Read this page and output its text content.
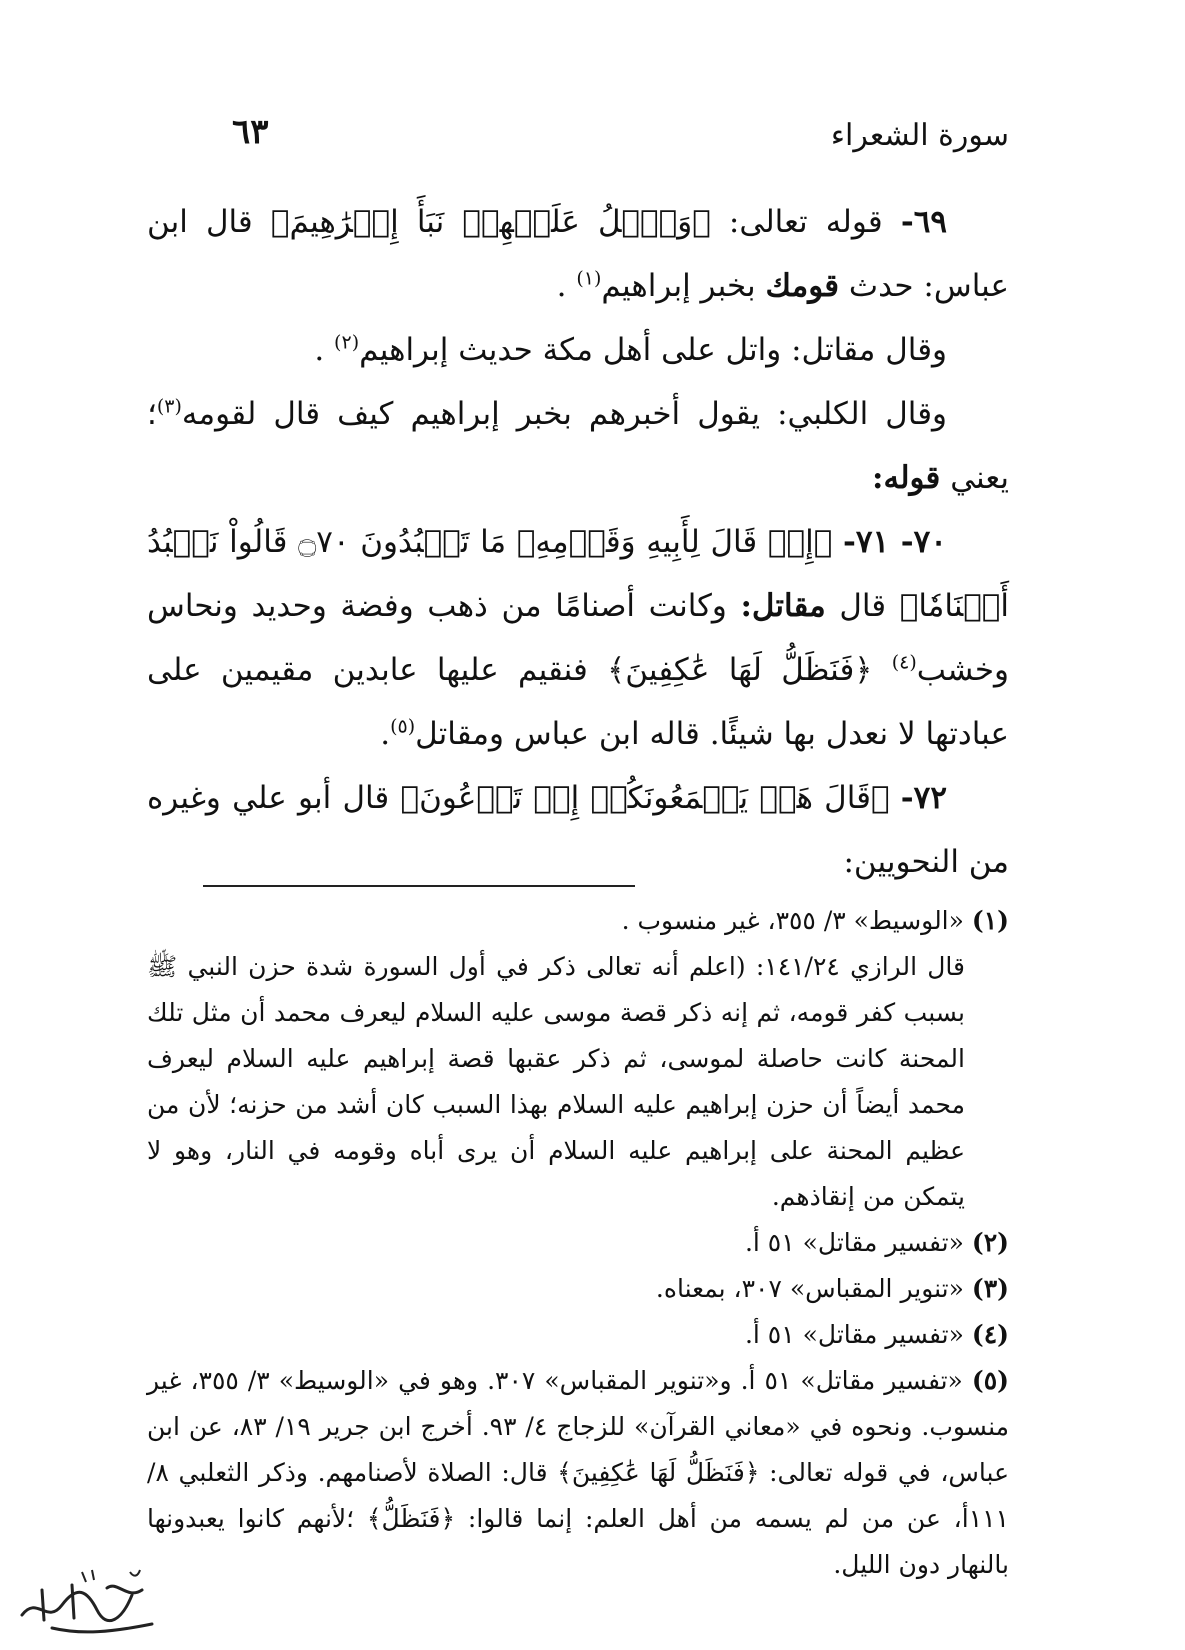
سورة الشعراء
٦٣

٦٩- قوله تعالى: ﴿وَٱتۡلُ عَلَيۡهِمۡ نَبَأَ إِبۡرَٰهِيمَ﴾ قال ابن عباس: حدث قومك بخبر إبراهيم$^{(١)}$ .

وقال مقاتل: واتل على أهل مكة حديث إبراهيم$^{(٢)}$ .

وقال الكلبي: يقول أخبرهم بخبر إبراهيم كيف قال لقومه$^{(٣)}$؛ يعني قوله:

٧٠- ٧١- ﴿إِذۡ قَالَ لِأَبِيهِ وَقَوۡمِهِۦ مَا تَعۡبُدُونَ ۝٧٠ قَالُواْ نَعۡبُدُ أَصۡنَامٗا﴾ قال مقاتل: وكانت أصنامًا من ذهب وفضة وحديد ونحاس وخشب$^{(٤)}$ ﴿فَنَظَلُّ لَهَا عَٰكِفِينَ﴾ فنقيم عليها عابدين مقيمين على عبادتها لا نعدل بها شيئًا. قاله ابن عباس ومقاتل$^{(٥)}$.

٧٢- ﴿قَالَ هَلۡ يَسۡمَعُونَكُمۡ إِذۡ تَدۡعُونَ﴾ قال أبو علي وغيره من النحويين:

(١) «الوسيط» ٣/ ٣٥٥، غير منسوب .

قال الرازي ١٤١/٢٤: (اعلم أنه تعالى ذكر في أول السورة شدة حزن النبي ﷺ بسبب كفر قومه، ثم إنه ذكر قصة موسى عليه السلام ليعرف محمد أن مثل تلك المحنة كانت حاصلة لموسى، ثم ذكر عقبها قصة إبراهيم عليه السلام ليعرف محمد أيضاً أن حزن إبراهيم عليه السلام بهذا السبب كان أشد من حزنه؛ لأن من عظيم المحنة على إبراهيم عليه السلام أن يرى أباه وقومه في النار، وهو لا يتمكن من إنقاذهم.

(٢) «تفسير مقاتل» ٥١ أ.

(٣) «تنوير المقباس» ٣٠٧، بمعناه.

(٤) «تفسير مقاتل» ٥١ أ.

(٥) «تفسير مقاتل» ٥١ أ. و«تنوير المقباس» ٣٠٧. وهو في «الوسيط» ٣/ ٣٥٥، غير منسوب. ونحوه في «معاني القرآن» للزجاج ٤/ ٩٣. أخرج ابن جرير ١٩/ ٨٣، عن ابن عباس، في قوله تعالى: ﴿فَنَظَلُّ لَهَا عَٰكِفِينَ﴾ قال: الصلاة لأصنامهم. وذكر الثعلبي ٨/ ١١١أ، عن من لم يسمه من أهل العلم: إنما قالوا: ﴿فَنَظَلُّ﴾ ؛لأنهم كانوا يعبدونها بالنهار دون الليل.
